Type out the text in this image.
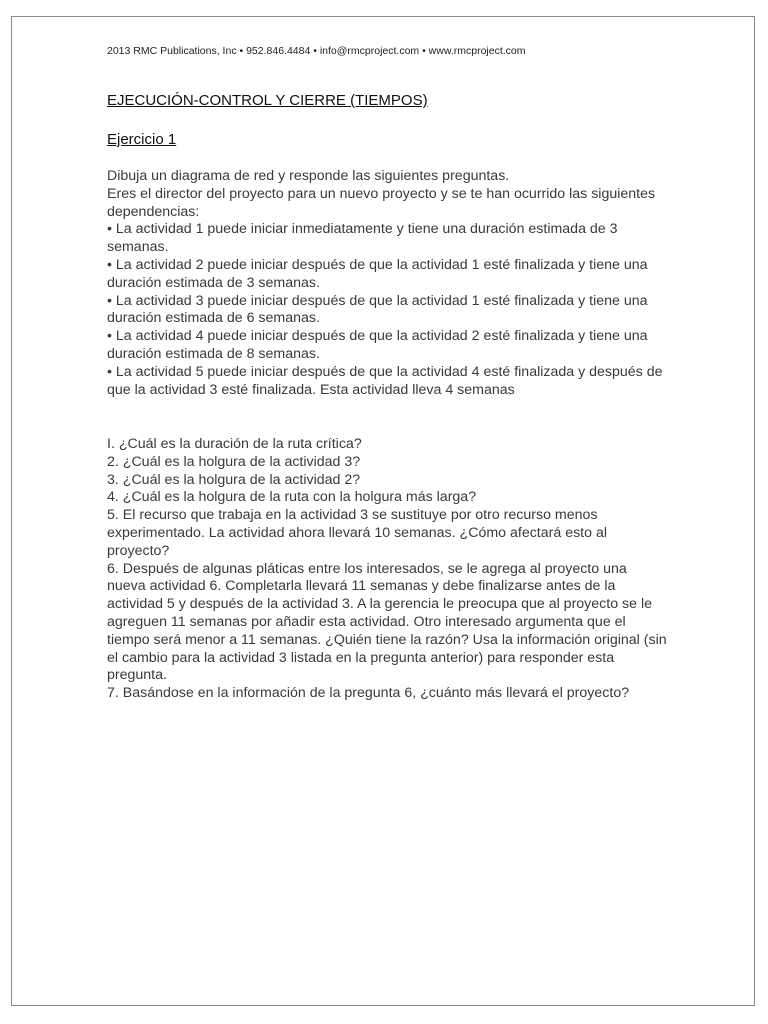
2013 RMC Publications, Inc • 952.846.4484 • info@rmcproject.com • www.rmcproject.com
EJECUCIÓN-CONTROL Y CIERRE (TIEMPOS)
Ejercicio 1

Dibuja un diagrama de red y responde las siguientes preguntas.

Eres el director del proyecto para un nuevo proyecto y se te han ocurrido las siguientes dependencias:

• La actividad 1 puede iniciar inmediatamente y tiene una duración estimada de 3 semanas.

• La actividad 2 puede iniciar después de que la actividad 1 esté finalizada y tiene una duración estimada de 3 semanas.

• La actividad 3 puede iniciar después de que la actividad 1 esté finalizada y tiene una duración estimada de 6 semanas.

• La actividad 4 puede iniciar después de que la actividad 2 esté finalizada y tiene una duración estimada de 8 semanas.

• La actividad 5 puede iniciar después de que la actividad 4 esté finalizada y después de que la actividad 3 esté finalizada. Esta actividad lleva 4 semanas

I. ¿Cuál es la duración de la ruta crítica?

2. ¿Cuál es la holgura de la actividad 3?

3. ¿Cuál es la holgura de la actividad 2?

4. ¿Cuál es la holgura de la ruta con la holgura más larga?

5. El recurso que trabaja en la actividad 3 se sustituye por otro recurso menos experimentado. La actividad ahora llevará 10 semanas. ¿Cómo afectará esto al proyecto?

6. Después de algunas pláticas entre los interesados, se le agrega al proyecto una nueva actividad 6. Completarla llevará 11 semanas y debe finalizarse antes de la actividad 5 y después de la actividad 3. A la gerencia le preocupa que al proyecto se le agreguen 11 semanas por añadir esta actividad. Otro interesado argumenta que el tiempo será menor a 11 semanas. ¿Quién tiene la razón? Usa la información original (sin el cambio para la actividad 3 listada en la pregunta anterior) para responder esta pregunta.

7. Basándose en la información de la pregunta 6, ¿cuánto más llevará el proyecto?
